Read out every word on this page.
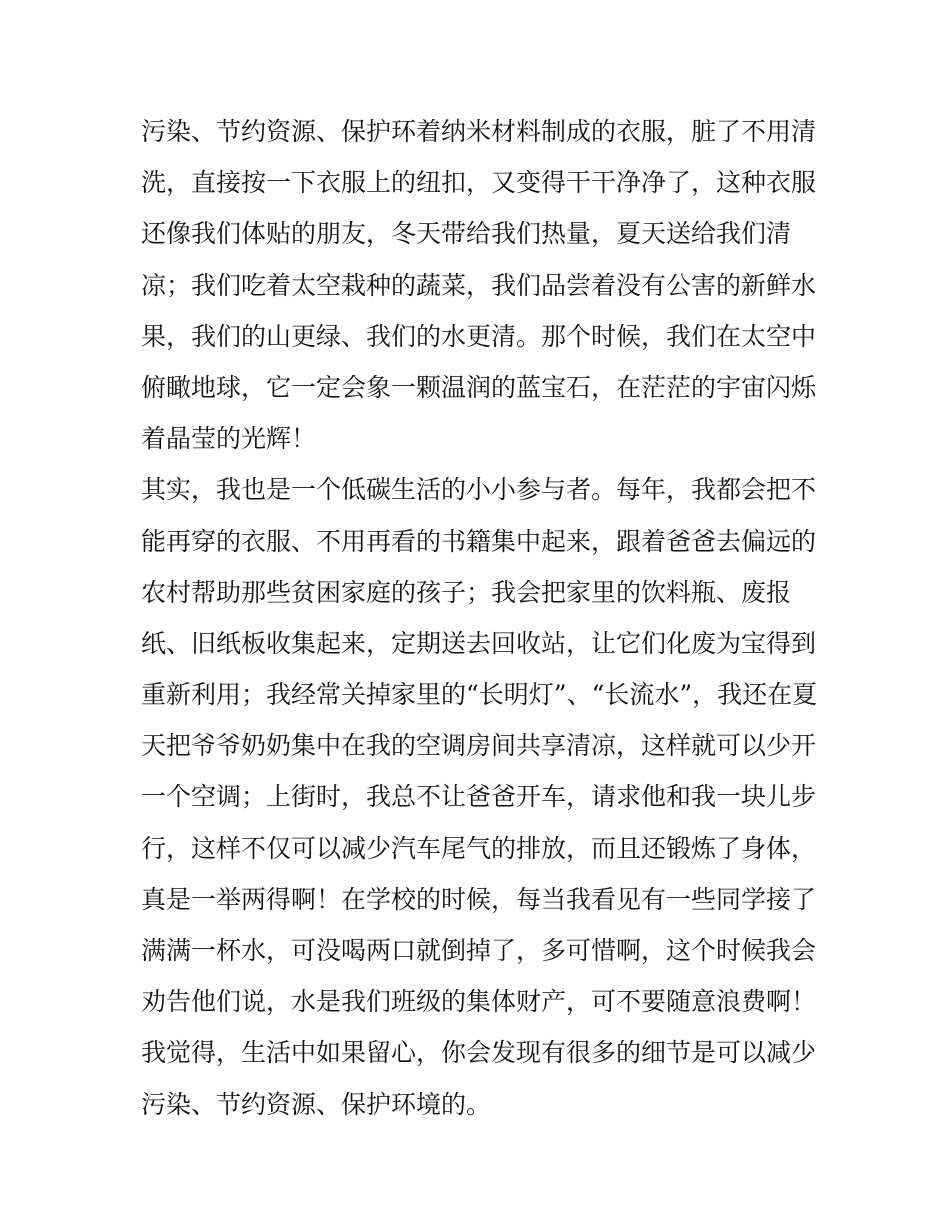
污染、节约资源、保护环着纳米材料制成的衣服，脏了不用清
洗，直接按一下衣服上的纽扣，又变得干干净净了，这种衣服
还像我们体贴的朋友，冬天带给我们热量，夏天送给我们清
凉；我们吃着太空栽种的蔬菜，我们品尝着没有公害的新鲜水
果，我们的山更绿、我们的水更清。那个时候，我们在太空中
俯瞰地球，它一定会象一颗温润的蓝宝石，在茫茫的宇宙闪烁
着晶莹的光辉！
其实，我也是一个低碳生活的小小参与者。每年，我都会把不
能再穿的衣服、不用再看的书籍集中起来，跟着爸爸去偏远的
农村帮助那些贫困家庭的孩子；我会把家里的饮料瓶、废报
纸、旧纸板收集起来，定期送去回收站，让它们化废为宝得到
重新利用；我经常关掉家里的“长明灯”、“长流水”，我还在夏
天把爷爷奶奶集中在我的空调房间共享清凉，这样就可以少开
一个空调；上街时，我总不让爸爸开车，请求他和我一块儿步
行，这样不仅可以减少汽车尾气的排放，而且还锻炼了身体，
真是一举两得啊！在学校的时候，每当我看见有一些同学接了
满满一杯水，可没喝两口就倒掉了，多可惜啊，这个时候我会
劝告他们说，水是我们班级的集体财产，可不要随意浪费啊！
我觉得，生活中如果留心，你会发现有很多的细节是可以减少
污染、节约资源、保护环境的。
